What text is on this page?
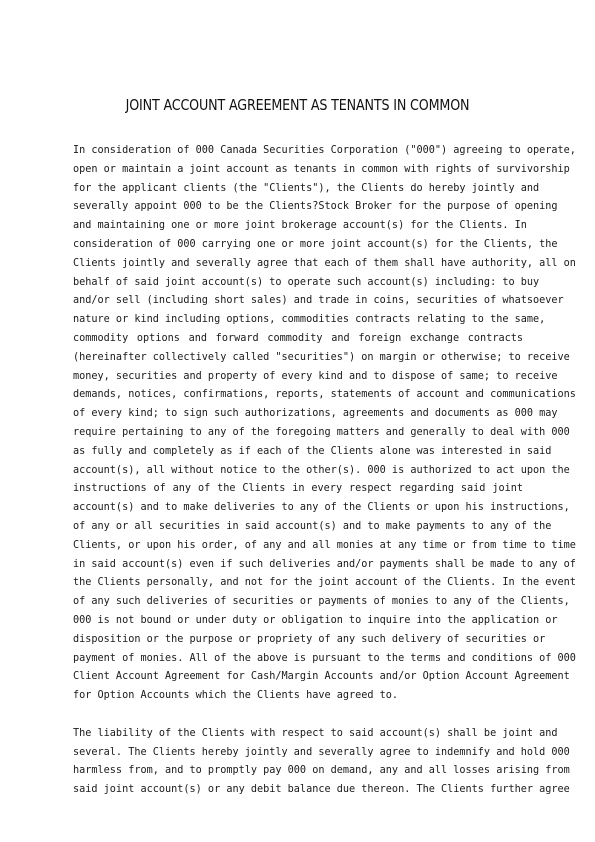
JOINT ACCOUNT AGREEMENT AS TENANTS IN COMMON
In consideration of 000 Canada Securities Corporation ("000") agreeing to operate,
open or maintain a joint account as tenants in common with rights of survivorship
for the applicant clients (the "Clients"), the Clients do hereby jointly and
severally appoint 000 to be the Clients?Stock Broker for the purpose of opening
and maintaining one or more joint brokerage account(s) for the Clients. In
consideration of 000 carrying one or more joint account(s) for the Clients, the
Clients jointly and severally agree that each of them shall have authority, all on
behalf of said joint account(s) to operate such account(s) including: to buy
and/or sell (including short sales) and trade in coins, securities of whatsoever
nature or kind including options, commodities contracts relating to the same,
commodity options and forward commodity and foreign exchange contracts
(hereinafter collectively called "securities") on margin or otherwise; to receive
money, securities and property of every kind and to dispose of same; to receive
demands, notices, confirmations, reports, statements of account and communications
of every kind; to sign such authorizations, agreements and documents as 000 may
require pertaining to any of the foregoing matters and generally to deal with 000
as fully and completely as if each of the Clients alone was interested in said
account(s), all without notice to the other(s). 000 is authorized to act upon the
instructions of any of the Clients in every respect regarding said joint
account(s) and to make deliveries to any of the Clients or upon his instructions,
of any or all securities in said account(s) and to make payments to any of the
Clients, or upon his order, of any and all monies at any time or from time to time
in said account(s) even if such deliveries and/or payments shall be made to any of
the Clients personally, and not for the joint account of the Clients. In the event
of any such deliveries of securities or payments of monies to any of the Clients,
000 is not bound or under duty or obligation to inquire into the application or
disposition or the purpose or propriety of any such delivery of securities or
payment of monies. All of the above is pursuant to the terms and conditions of 000
Client Account Agreement for Cash/Margin Accounts and/or Option Account Agreement
for Option Accounts which the Clients have agreed to.
The liability of the Clients with respect to said account(s) shall be joint and
several. The Clients hereby jointly and severally agree to indemnify and hold 000
harmless from, and to promptly pay 000 on demand, any and all losses arising from
said joint account(s) or any debit balance due thereon. The Clients further agree
